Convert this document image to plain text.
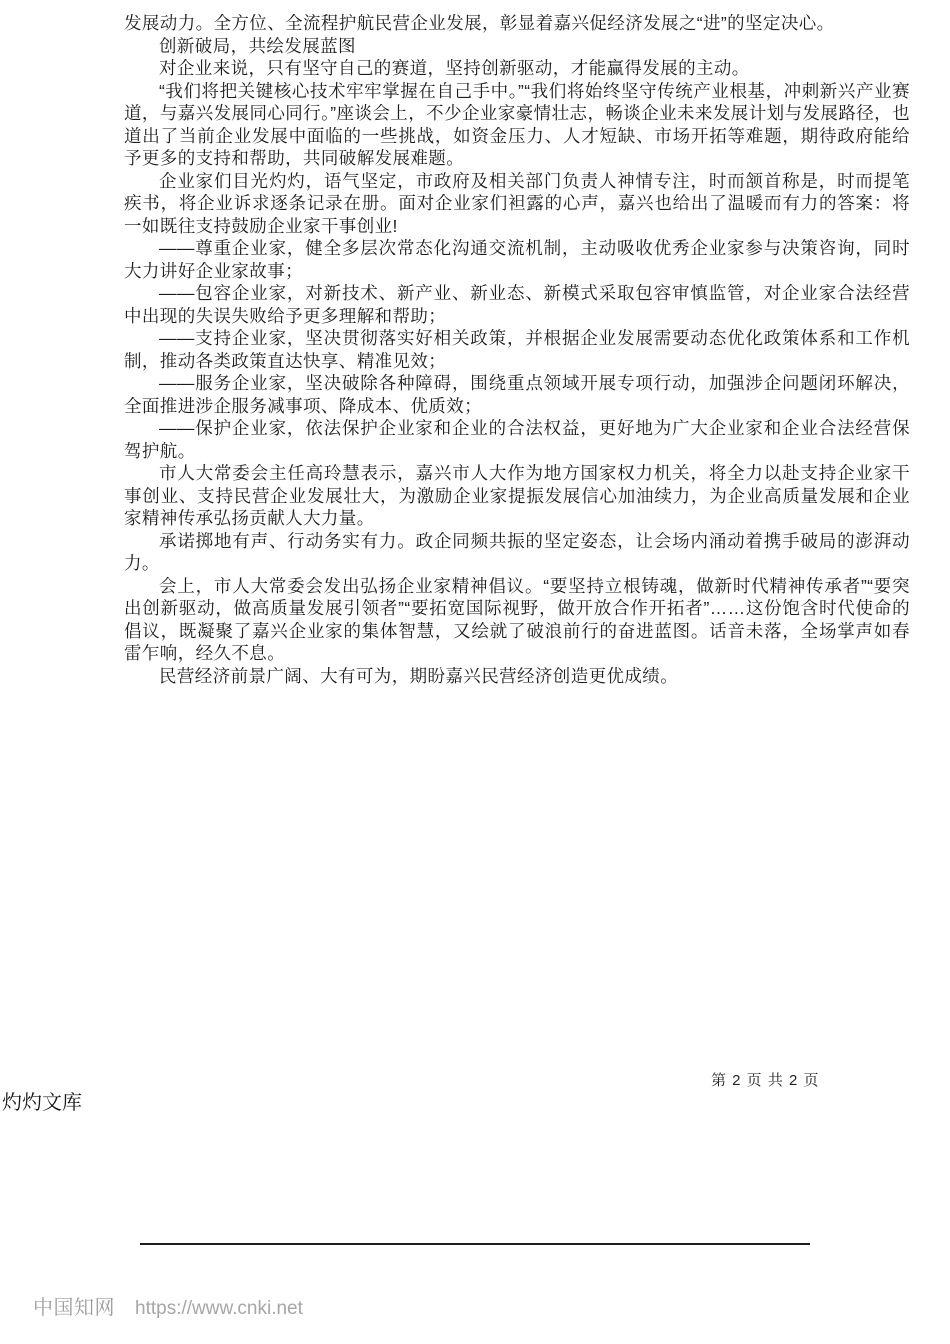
发展动力。全方位、全流程护航民营企业发展，彰显着嘉兴促经济发展之“进”的坚定决心。

创新破局，共绘发展蓝图

对企业来说，只有坚守自己的赛道，坚持创新驱动，才能赢得发展的主动。

“我们将把关键核心技术牢牢掌握在自己手中。”“我们将始终坚守传统产业根基，冲刺新兴产业赛道，与嘉兴发展同心同行。”座谈会上，不少企业家豪情壮志，畅谈企业未来发展计划与发展路径，也道出了当前企业发展中面临的一些挑战，如资金压力、人才短缺、市场开拓等难题，期待政府能给予更多的支持和帮助，共同破解发展难题。

企业家们目光灼灼，语气坚定，市政府及相关部门负责人神情专注，时而颔首称是，时而提笔疾书，将企业诉求逐条记录在册。面对企业家们袒露的心声，嘉兴也给出了温暖而有力的答案：将一如既往支持鼓励企业家干事创业!

——尊重企业家，健全多层次常态化沟通交流机制，主动吸收优秀企业家参与决策咨询，同时大力讲好企业家故事；

——包容企业家，对新技术、新产业、新业态、新模式采取包容审慎监管，对企业家合法经营中出现的失误失败给予更多理解和帮助；

——支持企业家，坚决贯彻落实好相关政策，并根据企业发展需要动态优化政策体系和工作机制，推动各类政策直达快享、精准见效；

——服务企业家，坚决破除各种障碍，围绕重点领域开展专项行动，加强涉企问题闭环解决，全面推进涉企服务减事项、降成本、优质效；

——保护企业家，依法保护企业家和企业的合法权益，更好地为广大企业家和企业合法经营保驾护航。

市人大常委会主任高玲慧表示，嘉兴市人大作为地方国家权力机关，将全力以赴支持企业家干事创业、支持民营企业发展壮大，为激励企业家提振发展信心加油续力，为企业高质量发展和企业家精神传承弘扬贡献人大力量。

承诺掷地有声、行动务实有力。政企同频共振的坚定姿态，让会场内涌动着携手破局的澎湃动力。

会上，市人大常委会发出弘扬企业家精神倡议。“要坚持立根铸魂，做新时代精神传承者”“要突出创新驱动，做高质量发展引领者”“要拓宽国际视野，做开放合作开拓者”……这份饱含时代使命的倡议，既凝聚了嘉兴企业家的集体智慧，又绘就了破浪前行的奋进蓝图。话音未落，全场掌声如春雷乍响，经久不息。

民营经济前景广阔、大有可为，期盼嘉兴民营经济创造更优成绩。

第 2 页 共 2 页
灼灼文库
中国知网 https://www.cnki.net
